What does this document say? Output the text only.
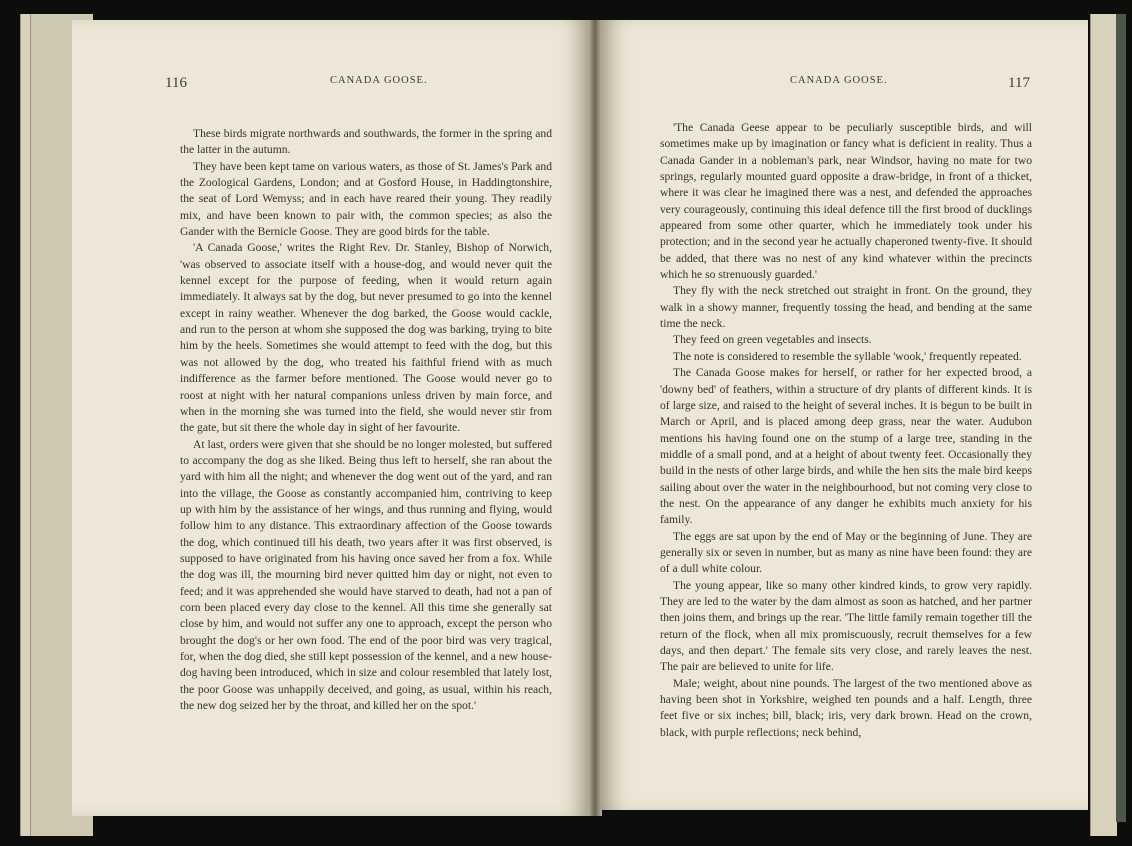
116	CANADA GOOSE.	CANADA GOOSE.	117

These birds migrate northwards and southwards, the former in the spring and the latter in the autumn.

They have been kept tame on various waters, as those of St. James's Park and the Zoological Gardens, London; and at Gosford House, in Haddingtonshire, the seat of Lord Wemyss; and in each have reared their young. They readily mix, and have been known to pair with, the common species; as also the Gander with the Bernicle Goose. They are good birds for the table.

'A Canada Goose,' writes the Right Rev. Dr. Stanley, Bishop of Norwich, 'was observed to associate itself with a house-dog, and would never quit the kennel except for the purpose of feeding, when it would return again immediately. It always sat by the dog, but never presumed to go into the kennel except in rainy weather. Whenever the dog barked, the Goose would cackle, and run to the person at whom she supposed the dog was barking, trying to bite him by the heels. Sometimes she would attempt to feed with the dog, but this was not allowed by the dog, who treated his faithful friend with as much indifference as the farmer before mentioned. The Goose would never go to roost at night with her natural companions unless driven by main force, and when in the morning she was turned into the field, she would never stir from the gate, but sit there the whole day in sight of her favourite.

At last, orders were given that she should be no longer molested, but suffered to accompany the dog as she liked. Being thus left to herself, she ran about the yard with him all the night; and whenever the dog went out of the yard, and ran into the village, the Goose as constantly accompanied him, contriving to keep up with him by the assistance of her wings, and thus running and flying, would follow him to any distance. This extraordinary affection of the Goose towards the dog, which continued till his death, two years after it was first observed, is supposed to have originated from his having once saved her from a fox. While the dog was ill, the mourning bird never quitted him day or night, not even to feed; and it was apprehended she would have starved to death, had not a pan of corn been placed every day close to the kennel. All this time she generally sat close by him, and would not suffer any one to approach, except the person who brought the dog's or her own food. The end of the poor bird was very tragical, for, when the dog died, she still kept possession of the kennel, and a new house-dog having been introduced, which in size and colour resembled that lately lost, the poor Goose was unhappily deceived, and going, as usual, within his reach, the new dog seized her by the throat, and killed her on the spot.'

'The Canada Geese appear to be peculiarly susceptible birds, and will sometimes make up by imagination or fancy what is deficient in reality. Thus a Canada Gander in a nobleman's park, near Windsor, having no mate for two springs, regularly mounted guard opposite a draw-bridge, in front of a thicket, where it was clear he imagined there was a nest, and defended the approaches very courageously, continuing this ideal defence till the first brood of ducklings appeared from some other quarter, which he immediately took under his protection; and in the second year he actually chaperoned twenty-five. It should be added, that there was no nest of any kind whatever within the precincts which he so strenuously guarded.'

They fly with the neck stretched out straight in front. On the ground, they walk in a showy manner, frequently tossing the head, and bending at the same time the neck.

They feed on green vegetables and insects.

The note is considered to resemble the syllable 'wook,' frequently repeated.

The Canada Goose makes for herself, or rather for her expected brood, a 'downy bed' of feathers, within a structure of dry plants of different kinds. It is of large size, and raised to the height of several inches. It is begun to be built in March or April, and is placed among deep grass, near the water. Audubon mentions his having found one on the stump of a large tree, standing in the middle of a small pond, and at a height of about twenty feet. Occasionally they build in the nests of other large birds, and while the hen sits the male bird keeps sailing about over the water in the neighbourhood, but not coming very close to the nest. On the appearance of any danger he exhibits much anxiety for his family.

The eggs are sat upon by the end of May or the beginning of June. They are generally six or seven in number, but as many as nine have been found: they are of a dull white colour.

The young appear, like so many other kindred kinds, to grow very rapidly. They are led to the water by the dam almost as soon as hatched, and her partner then joins them, and brings up the rear. 'The little family remain together till the return of the flock, when all mix promiscuously, recruit themselves for a few days, and then depart.' The female sits very close, and rarely leaves the nest. The pair are believed to unite for life.

Male; weight, about nine pounds. The largest of the two mentioned above as having been shot in Yorkshire, weighed ten pounds and a half. Length, three feet five or six inches; bill, black; iris, very dark brown. Head on the crown, black, with purple reflections; neck behind,
